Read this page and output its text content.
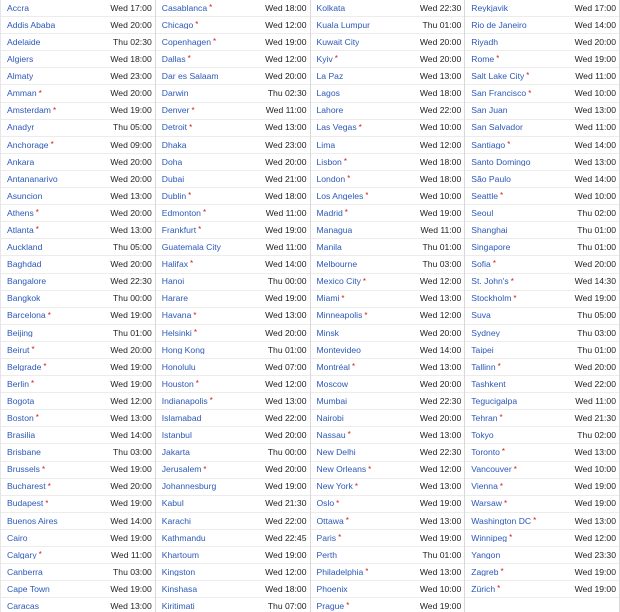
Accra	Wed 17:00
Addis Ababa	Wed 20:00
Adelaide	Thu 02:30
Algiers	Wed 18:00
Almaty	Wed 23:00
Amman *	Wed 20:00
Amsterdam *	Wed 19:00
Anadyr	Thu 05:00
Anchorage *	Wed 09:00
Ankara	Wed 20:00
Antananarivo	Wed 20:00
Asuncion	Wed 13:00
Athens *	Wed 20:00
Atlanta *	Wed 13:00
Auckland	Thu 05:00
Baghdad	Wed 20:00
Bangalore	Wed 22:30
Bangkok	Thu 00:00
Barcelona *	Wed 19:00
Beijing	Thu 01:00
Beirut *	Wed 20:00
Belgrade *	Wed 19:00
Berlin *	Wed 19:00
Bogota	Wed 12:00
Boston *	Wed 13:00
Brasilia	Wed 14:00
Brisbane	Thu 03:00
Brussels *	Wed 19:00
Bucharest *	Wed 20:00
Budapest *	Wed 19:00
Buenos Aires	Wed 14:00
Cairo	Wed 19:00
Calgary *	Wed 11:00
Canberra	Thu 03:00
Cape Town	Wed 19:00
Caracas	Wed 13:00
Casablanca *	Wed 18:00
Chicago *	Wed 12:00
Copenhagen *	Wed 19:00
Dallas *	Wed 12:00
Dar es Salaam	Wed 20:00
Darwin	Thu 02:30
Denver *	Wed 11:00
Detroit *	Wed 13:00
Dhaka	Wed 23:00
Doha	Wed 20:00
Dubai	Wed 21:00
Dublin *	Wed 18:00
Edmonton *	Wed 11:00
Frankfurt *	Wed 19:00
Guatemala City	Wed 11:00
Halifax *	Wed 14:00
Hanoi	Thu 00:00
Harare	Wed 19:00
Havana *	Wed 13:00
Helsinki *	Wed 20:00
Hong Kong	Thu 01:00
Honolulu	Wed 07:00
Houston *	Wed 12:00
Indianapolis *	Wed 13:00
Islamabad	Wed 22:00
Istanbul	Wed 20:00
Jakarta	Thu 00:00
Jerusalem *	Wed 20:00
Johannesburg	Wed 19:00
Kabul	Wed 21:30
Karachi	Wed 22:00
Kathmandu	Wed 22:45
Khartoum	Wed 19:00
Kingston	Wed 12:00
Kinshasa	Wed 18:00
Kiritimati	Thu 07:00
Kolkata	Wed 22:30
Kuala Lumpur	Thu 01:00
Kuwait City	Wed 20:00
Kyiv *	Wed 20:00
La Paz	Wed 13:00
Lagos	Wed 18:00
Lahore	Wed 22:00
Las Vegas *	Wed 10:00
Lima	Wed 12:00
Lisbon *	Wed 18:00
London *	Wed 18:00
Los Angeles *	Wed 10:00
Madrid *	Wed 19:00
Managua	Wed 11:00
Manila	Thu 01:00
Melbourne	Thu 03:00
Mexico City *	Wed 12:00
Miami *	Wed 13:00
Minneapolis *	Wed 12:00
Minsk	Wed 20:00
Montevideo	Wed 14:00
Montréal *	Wed 13:00
Moscow	Wed 20:00
Mumbai	Wed 22:30
Nairobi	Wed 20:00
Nassau *	Wed 13:00
New Delhi	Wed 22:30
New Orleans *	Wed 12:00
New York *	Wed 13:00
Oslo *	Wed 19:00
Ottawa *	Wed 13:00
Paris *	Wed 19:00
Perth	Thu 01:00
Philadelphia *	Wed 13:00
Phoenix	Wed 10:00
Prague *	Wed 19:00
Reykjavik	Wed 17:00
Rio de Janeiro	Wed 14:00
Riyadh	Wed 20:00
Rome *	Wed 19:00
Salt Lake City *	Wed 11:00
San Francisco *	Wed 10:00
San Juan	Wed 13:00
San Salvador	Wed 11:00
Santiago *	Wed 14:00
Santo Domingo	Wed 13:00
São Paulo	Wed 14:00
Seattle *	Wed 10:00
Seoul	Thu 02:00
Shanghai	Thu 01:00
Singapore	Thu 01:00
Sofia *	Wed 20:00
St. John's *	Wed 14:30
Stockholm *	Wed 19:00
Suva	Thu 05:00
Sydney	Thu 03:00
Taipei	Thu 01:00
Tallinn *	Wed 20:00
Tashkent	Wed 22:00
Tegucigalpa	Wed 11:00
Tehran *	Wed 21:30
Tokyo	Thu 02:00
Toronto *	Wed 13:00
Vancouver *	Wed 10:00
Vienna *	Wed 19:00
Warsaw *	Wed 19:00
Washington DC *	Wed 13:00
Winnipeg *	Wed 12:00
Yangon	Wed 23:30
Zagreb *	Wed 19:00
Zürich *	Wed 19:00
